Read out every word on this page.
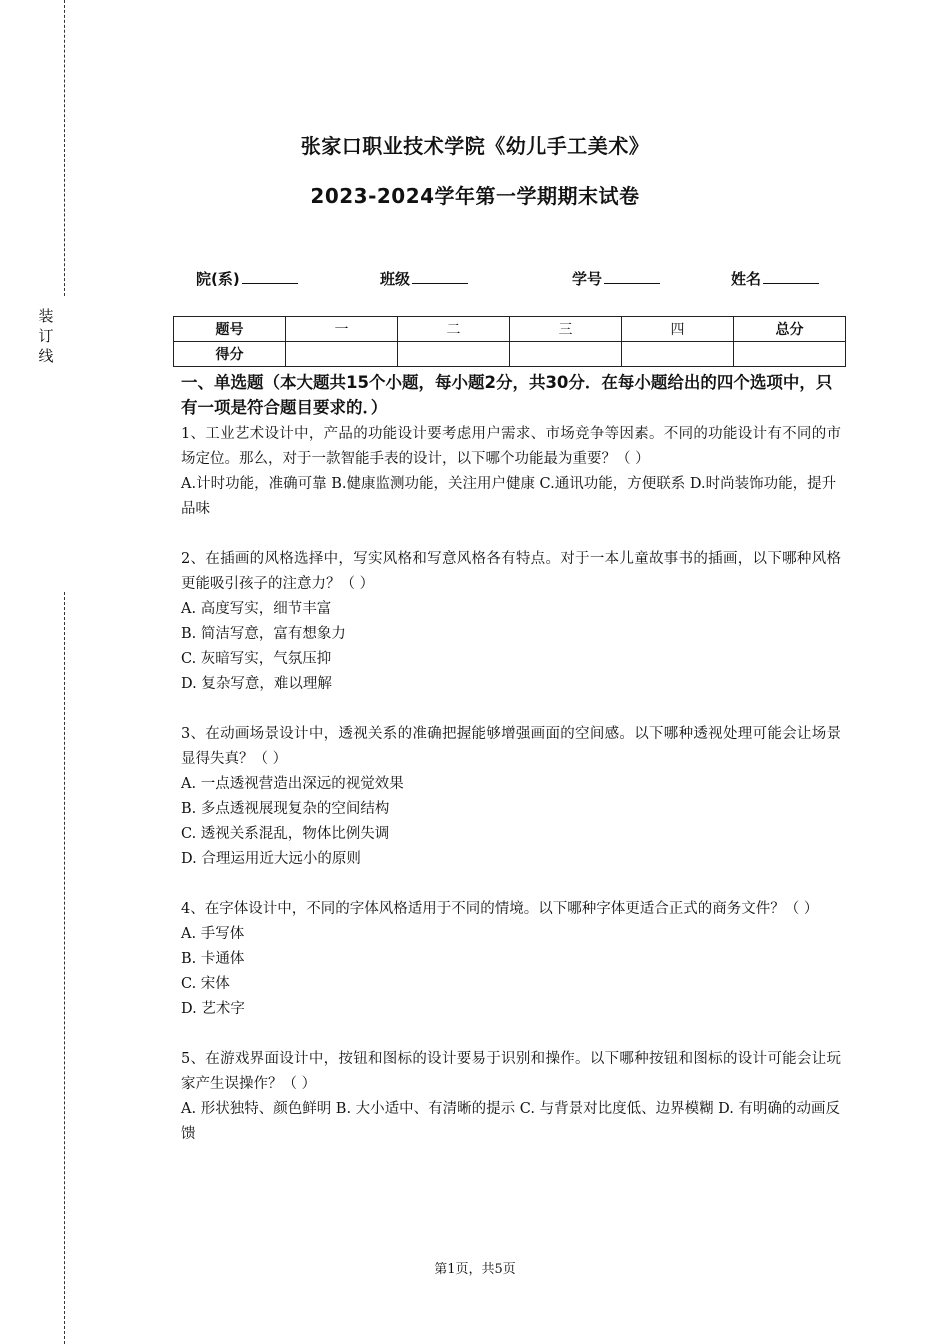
装
订
线
张家口职业技术学院《幼儿手工美术》
2023-2024学年第一学期期末试卷
院(系)	班级	学号	姓名
题号	一	二	三	四	总分
得分					

一、单选题（本大题共15个小题，每小题2分，共30分．在每小题给出的四个选项中，只有一项是符合题目要求的．）

1、工业艺术设计中，产品的功能设计要考虑用户需求、市场竞争等因素。不同的功能设计有不同的市场定位。那么，对于一款智能手表的设计，以下哪个功能最为重要？（ ）

A.计时功能，准确可靠 B.健康监测功能，关注用户健康 C.通讯功能，方便联系 D.时尚装饰功能，提升品味

2、在插画的风格选择中，写实风格和写意风格各有特点。对于一本儿童故事书的插画，以下哪种风格更能吸引孩子的注意力？（ ）

A. 高度写实，细节丰富

B. 简洁写意，富有想象力

C. 灰暗写实，气氛压抑

D. 复杂写意，难以理解

3、在动画场景设计中，透视关系的准确把握能够增强画面的空间感。以下哪种透视处理可能会让场景显得失真？（ ）

A. 一点透视营造出深远的视觉效果

B. 多点透视展现复杂的空间结构

C. 透视关系混乱，物体比例失调

D. 合理运用近大远小的原则

4、在字体设计中，不同的字体风格适用于不同的情境。以下哪种字体更适合正式的商务文件？（ ）

A. 手写体

B. 卡通体

C. 宋体

D. 艺术字

5、在游戏界面设计中，按钮和图标的设计要易于识别和操作。以下哪种按钮和图标的设计可能会让玩家产生误操作？（ ）

A. 形状独特、颜色鲜明 B. 大小适中、有清晰的提示 C. 与背景对比度低、边界模糊 D. 有明确的动画反馈

第1页，共5页
